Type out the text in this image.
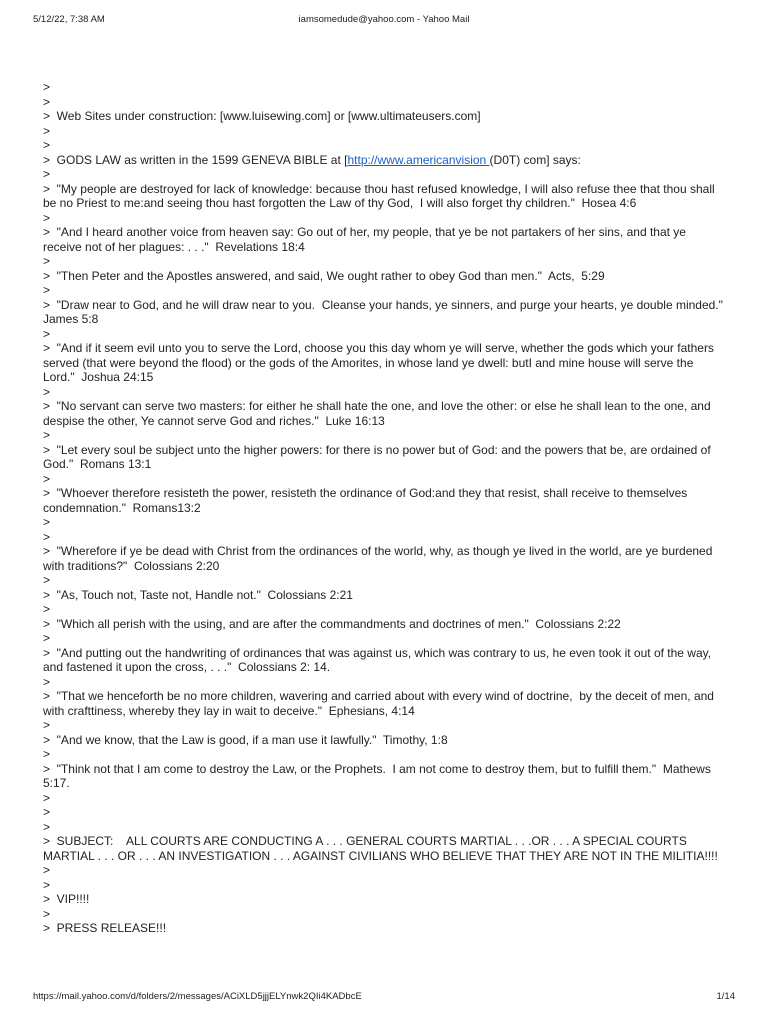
5/12/22, 7:38 AM	iamsomedude@yahoo.com - Yahoo Mail

>

>

>  Web Sites under construction: [www.luisewing.com] or [www.ultimateusers.com]

>

>

>  GODS LAW as written in the 1599 GENEVA BIBLE at [http://www.americanvision (D0T) com] says:

>

>  "My people are destroyed for lack of knowledge: because thou hast refused knowledge, I will also refuse thee that thou shall be no Priest to me:and seeing thou hast forgotten the Law of thy God,  I will also forget thy children."  Hosea 4:6

>

>  "And I heard another voice from heaven say: Go out of her, my people, that ye be not partakers of her sins, and that ye receive not of her plagues: . . ."  Revelations 18:4

>

>  "Then Peter and the Apostles answered, and said, We ought rather to obey God than men."  Acts,  5:29

>

>  "Draw near to God, and he will draw near to you.  Cleanse your hands, ye sinners, and purge your hearts, ye double minded."  James 5:8

>

>  "And if it seem evil unto you to serve the Lord, choose you this day whom ye will serve, whether the gods which your fathers served (that were beyond the flood) or the gods of the Amorites, in whose land ye dwell: butI and mine house will serve the Lord."  Joshua 24:15

>

>  "No servant can serve two masters: for either he shall hate the one, and love the other: or else he shall lean to the one, and despise the other, Ye cannot serve God and riches."  Luke 16:13

>

>  "Let every soul be subject unto the higher powers: for there is no power but of God: and the powers that be, are ordained of God."  Romans 13:1

>

>  "Whoever therefore resisteth the power, resisteth the ordinance of God:and they that resist, shall receive to themselves condemnation."  Romans13:2

>

>

>  "Wherefore if ye be dead with Christ from the ordinances of the world, why, as though ye lived in the world, are ye burdened with traditions?"  Colossians 2:20

>

>  "As, Touch not, Taste not, Handle not."  Colossians 2:21

>

>  "Which all perish with the using, and are after the commandments and doctrines of men."  Colossians 2:22

>

>  "And putting out the handwriting of ordinances that was against us, which was contrary to us, he even took it out of the way, and fastened it upon the cross, . . ."  Colossians 2: 14.

>

>  "That we henceforth be no more children, wavering and carried about with every wind of doctrine,  by the deceit of men, and with crafttiness, whereby they lay in wait to deceive."  Ephesians, 4:14

>

>  "And we know, that the Law is good, if a man use it lawfully."  Timothy, 1:8

>

>  "Think not that I am come to destroy the Law, or the Prophets.  I am not come to destroy them, but to fulfill them."  Mathews 5:17.

>

>

>

>  SUBJECT:    ALL COURTS ARE CONDUCTING A . . . GENERAL COURTS MARTIAL . . .OR . . . A SPECIAL COURTS MARTIAL . . . OR . . . AN INVESTIGATION . . . AGAINST CIVILIANS WHO BELIEVE THAT THEY ARE NOT IN THE MILITIA!!!!

>

>

>  VIP!!!!

>

>  PRESS RELEASE!!!

https://mail.yahoo.com/d/folders/2/messages/ACiXLD5jjjELYnwk2QIi4KADbcE	1/14
